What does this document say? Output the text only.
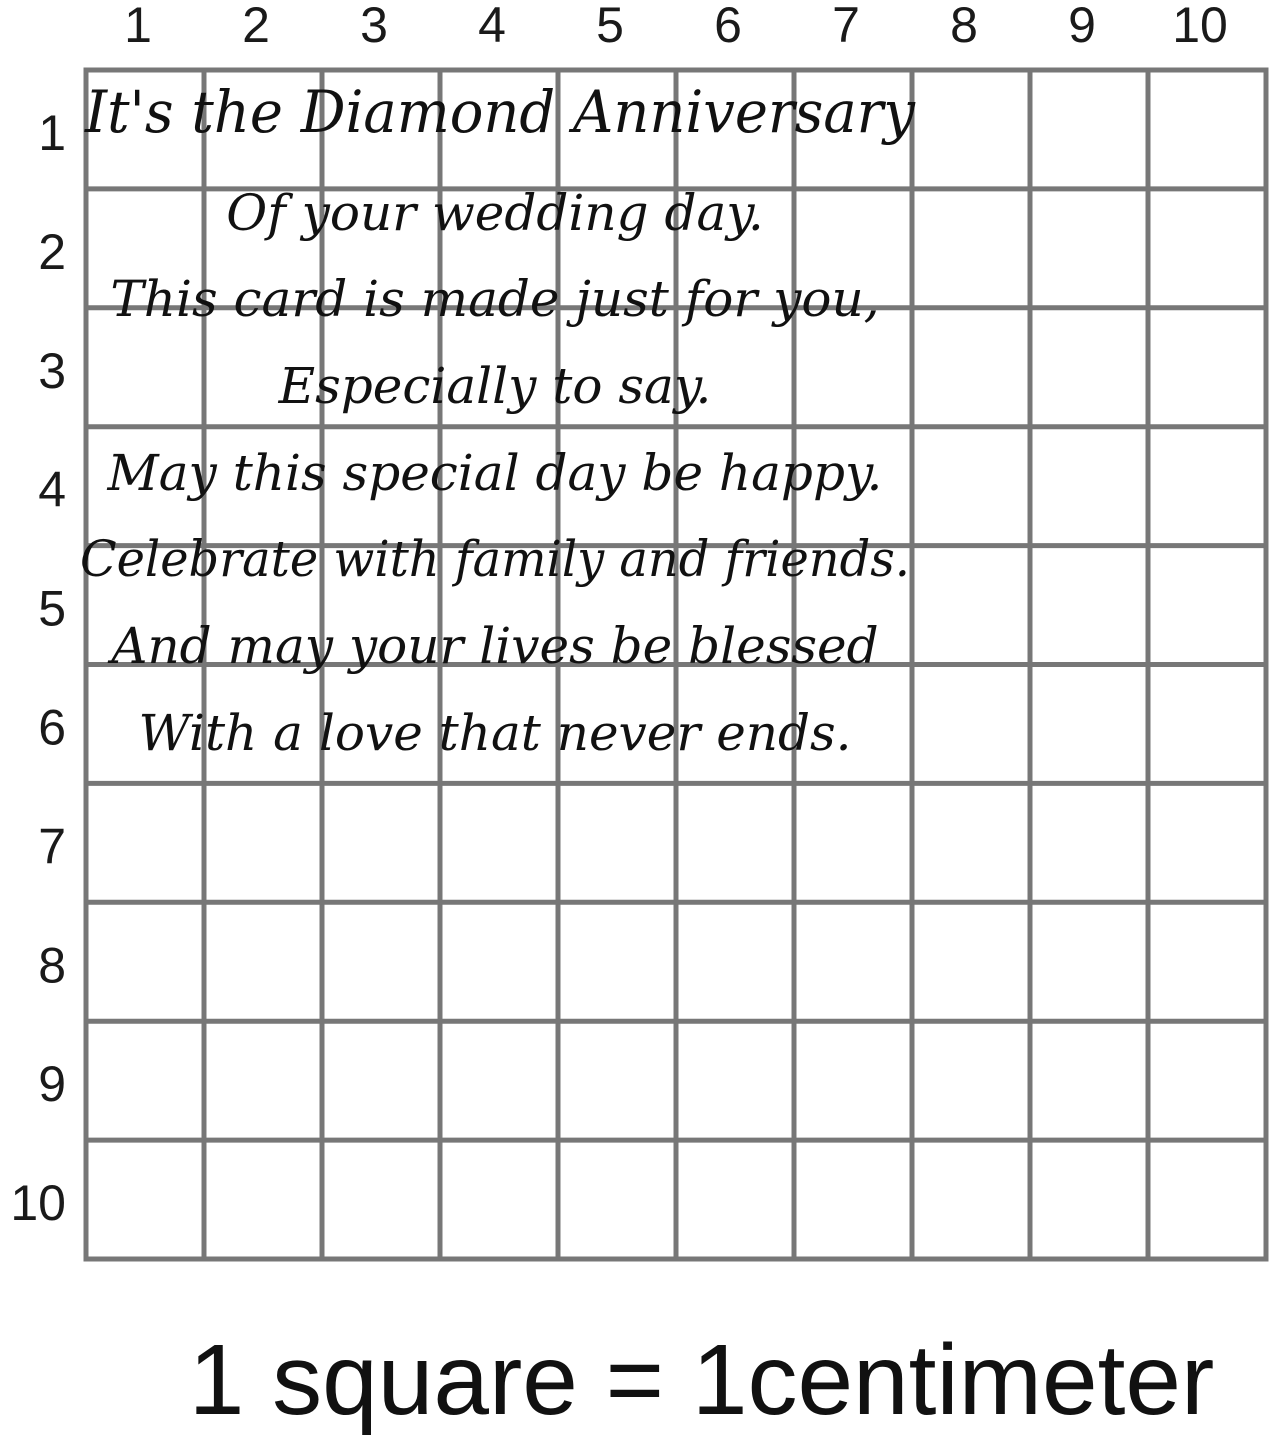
1 2 3 4 5 6 7 8 9 10
1
2
3
4
5
6
7
8
9
10
It's the Diamond Anniversary
Of your wedding day.
This card is made just for you,
Especially to say.
May this special day be happy.
Celebrate with family and friends.
And may your lives be blessed
With a love that never ends.
1 square = 1centimeter
